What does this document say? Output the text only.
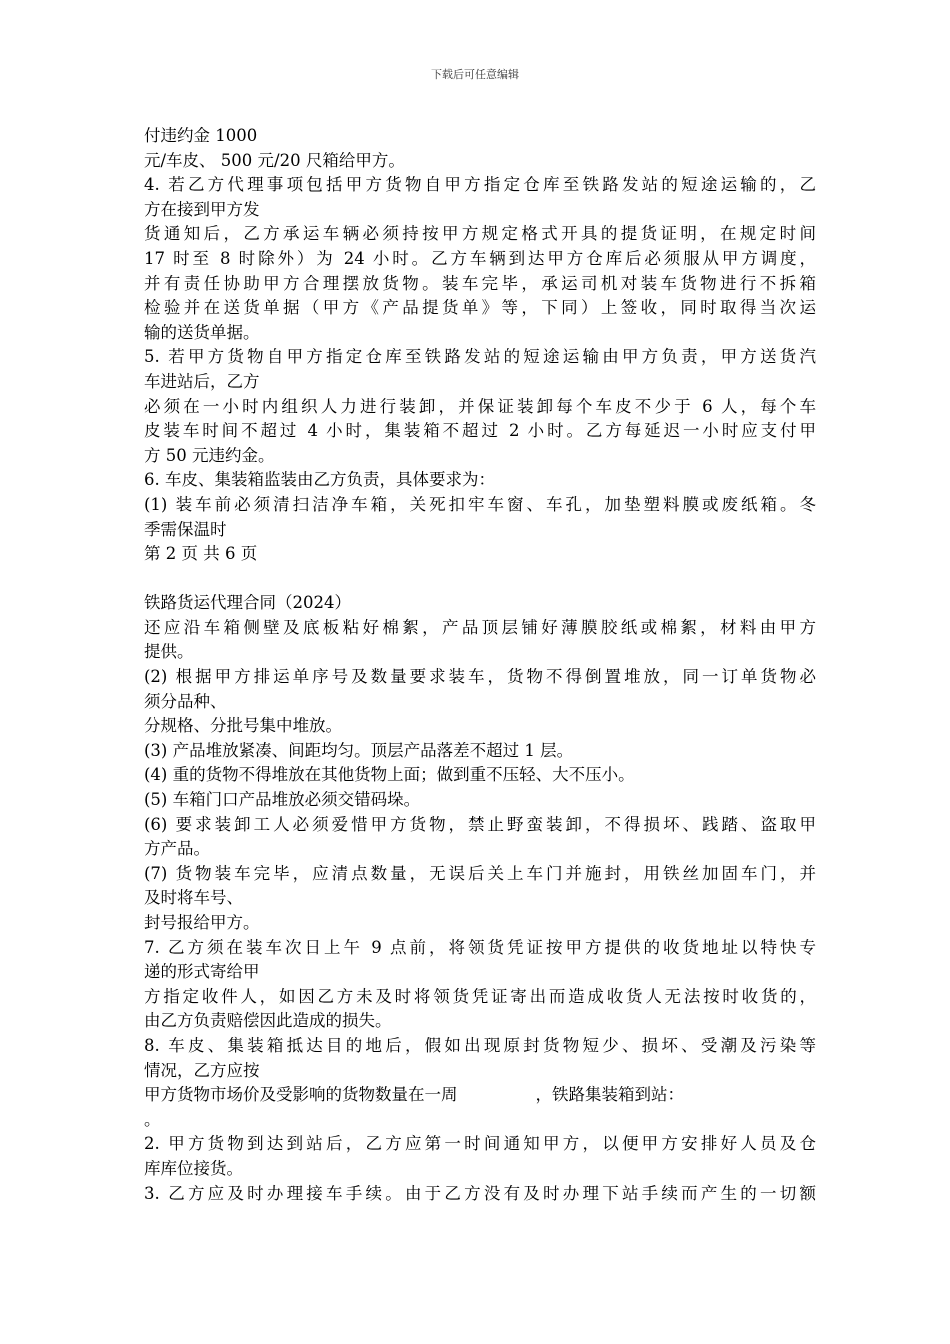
下载后可任意编辑
付违约金 1000
元/车皮、 500 元/20 尺箱给甲方。
4. 若乙方代理事项包括甲方货物自甲方指定仓库至铁路发站的短途运输的，乙
方在接到甲方发
货通知后，乙方承运车辆必须持按甲方规定格式开具的提货证明，在规定时间
17 时至 8 时除外）为 24 小时。乙方车辆到达甲方仓库后必须服从甲方调度，
并有责任协助甲方合理摆放货物。装车完毕，承运司机对装车货物进行不拆箱
检验并在送货单据（甲方《产品提货单》等，下同）上签收，同时取得当次运
输的送货单据。
5. 若甲方货物自甲方指定仓库至铁路发站的短途运输由甲方负责，甲方送货汽
车进站后，乙方
必须在一小时内组织人力进行装卸，并保证装卸每个车皮不少于 6 人，每个车
皮装车时间不超过 4 小时，集装箱不超过 2 小时。乙方每延迟一小时应支付甲
方 50 元违约金。
6. 车皮、集装箱监装由乙方负责，具体要求为：
(1) 装车前必须清扫洁净车箱，关死扣牢车窗、车孔，加垫塑料膜或废纸箱。冬
季需保温时
第 2 页 共 6 页
铁路货运代理合同（2024）
还应沿车箱侧壁及底板粘好棉絮，产品顶层铺好薄膜胶纸或棉絮，材料由甲方
提供。
(2) 根据甲方排运单序号及数量要求装车，货物不得倒置堆放，同一订单货物必
须分品种、
分规格、分批号集中堆放。
(3) 产品堆放紧凑、间距均匀。顶层产品落差不超过 1 层。
(4) 重的货物不得堆放在其他货物上面；做到重不压轻、大不压小。
(5) 车箱门口产品堆放必须交错码垛。
(6) 要求装卸工人必须爱惜甲方货物，禁止野蛮装卸，不得损坏、践踏、盗取甲
方产品。
(7) 货物装车完毕，应清点数量，无误后关上车门并施封，用铁丝加固车门，并
及时将车号、
封号报给甲方。
7. 乙方须在装车次日上午 9 点前，将领货凭证按甲方提供的收货地址以特快专
递的形式寄给甲
方指定收件人，如因乙方未及时将领货凭证寄出而造成收货人无法按时收货的，
由乙方负责赔偿因此造成的损失。
8. 车皮、集装箱抵达目的地后，假如出现原封货物短少、损坏、受潮及污染等
情况，乙方应按
甲方货物市场价及受影响的货物数量在一周	，铁路集装箱到站：
。
2. 甲方货物到达到站后，乙方应第一时间通知甲方，以便甲方安排好人员及仓
库库位接货。
3. 乙方应及时办理接车手续。由于乙方没有及时办理下站手续而产生的一切额
